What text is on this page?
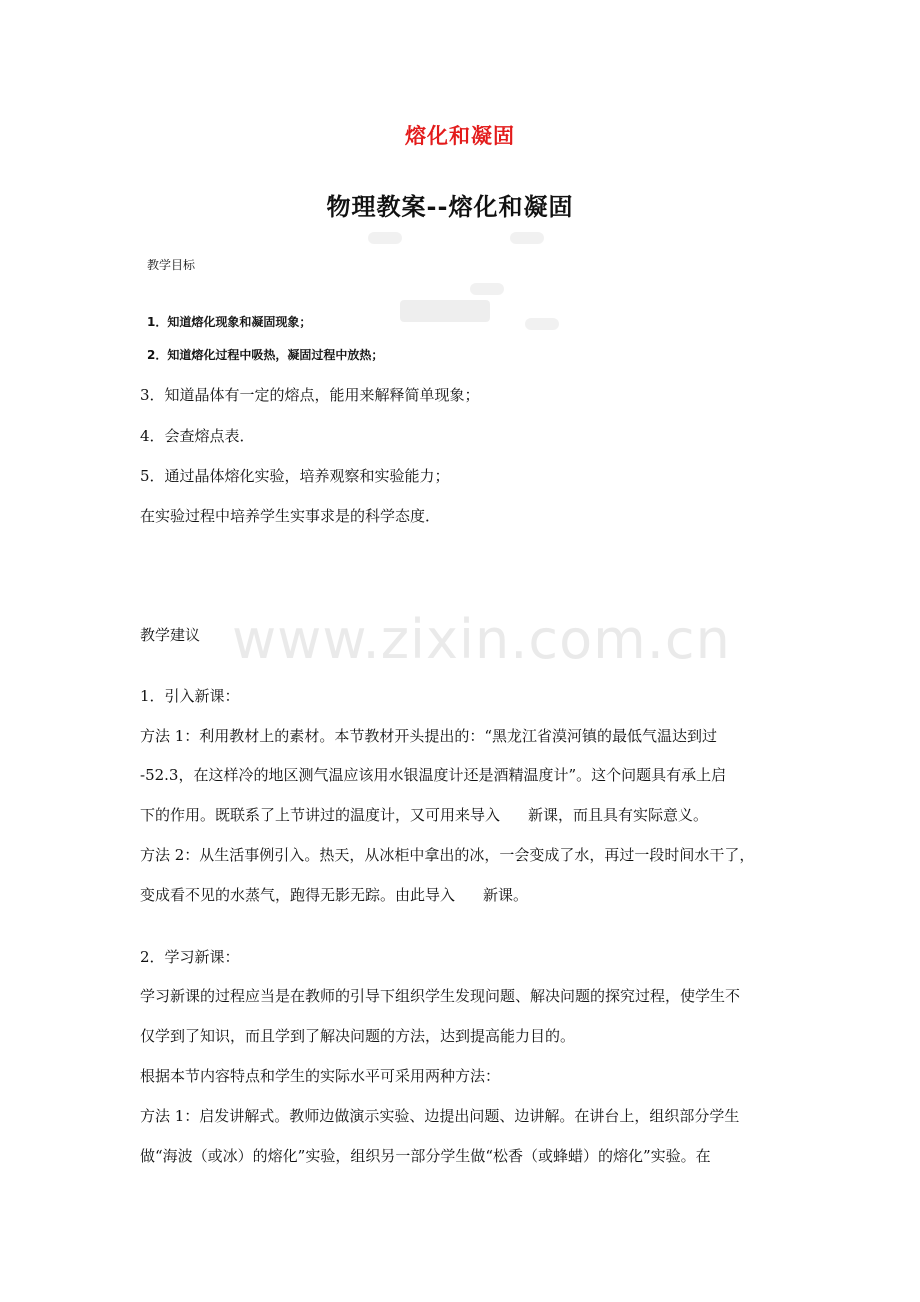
熔化和凝固
物理教案--熔化和凝固
教学目标
1．知道熔化现象和凝固现象；
2．知道熔化过程中吸热，凝固过程中放热；
3．知道晶体有一定的熔点，能用来解释简单现象；
4．会查熔点表．
5．通过晶体熔化实验，培养观察和实验能力；
在实验过程中培养学生实事求是的科学态度．
www.zixin.com.cn
教学建议
1．引入新课：
方法 1：利用教材上的素材。本节教材开头提出的：“黑龙江省漠河镇的最低气温达到过
-52.3，在这样冷的地区测气温应该用水银温度计还是酒精温度计”。这个问题具有承上启
下的作用。既联系了上节讲过的温度计，又可用来导入 新课，而且具有实际意义。
方法 2：从生活事例引入。热天，从冰柜中拿出的冰，一会变成了水，再过一段时间水干了，
变成看不见的水蒸气，跑得无影无踪。由此导入 新课。
2．学习新课：
学习新课的过程应当是在教师的引导下组织学生发现问题、解决问题的探究过程，使学生不
仅学到了知识，而且学到了解决问题的方法，达到提高能力目的。
根据本节内容特点和学生的实际水平可采用两种方法：
方法 1：启发讲解式。教师边做演示实验、边提出问题、边讲解。在讲台上，组织部分学生
做“海波（或冰）的熔化”实验，组织另一部分学生做“松香（或蜂蜡）的熔化”实验。在
